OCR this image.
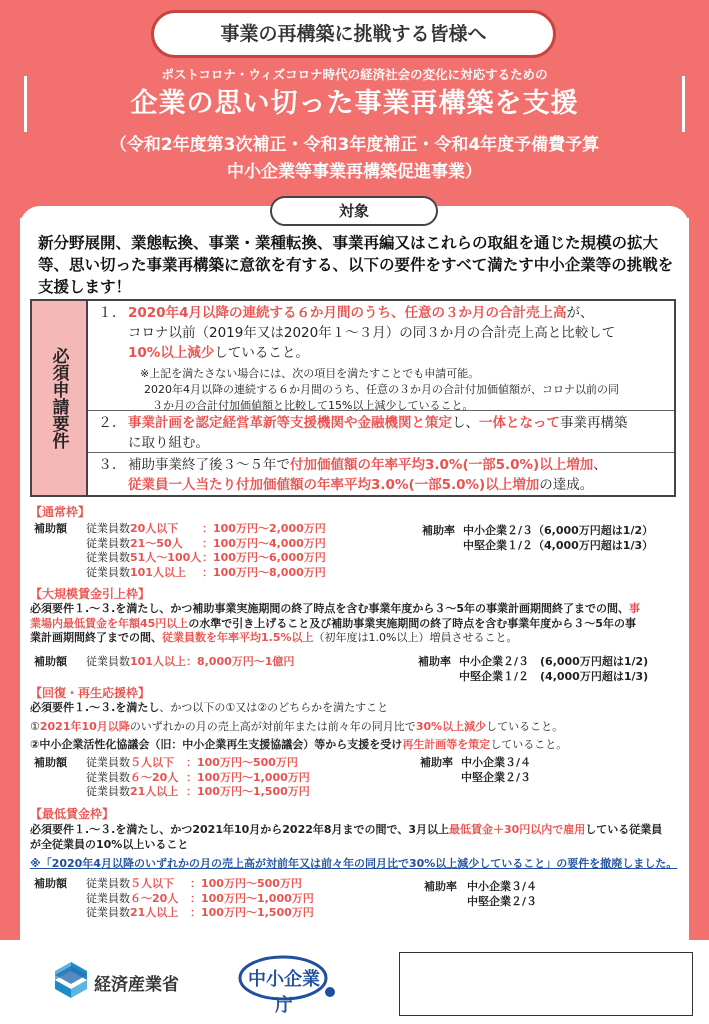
事業の再構築に挑戦する皆様へ
ポストコロナ・ウィズコロナ時代の経済社会の変化に対応するための
企業の思い切った事業再構築を支援
（令和2年度第3次補正・令和3年度補正・令和4年度予備費予算
中小企業等事業再構築促進事業）
対象
新分野展開、業態転換、事業・業種転換、事業再編又はこれらの取組を通じた規模の拡大等、思い切った事業再構築に意欲を有する、以下の要件をすべて満たす中小企業等の挑戦を支援します！
必須申請要件
１． 2020年4月以降の連続する６か月間のうち、任意の３か月の合計売上高が、
コロナ以前（2019年又は2020年１～３月）の同３か月の合計売上高と比較して
10%以上減少していること。
※上記を満たさない場合には、次の項目を満たすことでも申請可能。
2020年4月以降の連続する６か月間のうち、任意の３か月の合計付加価値額が、コロナ以前の同
３か月の合計付加価値額と比較して15%以上減少していること。
２． 事業計画を認定経営革新等支援機関や金融機関と策定し、一体となって事業再構築
に取り組む。
３． 補助事業終了後３～５年で付加価値額の年率平均3.0%(一部5.0%)以上増加、
従業員一人当たり付加価値額の年率平均3.0%(一部5.0%)以上増加の達成。
【通常枠】
補助額 従業員数20人以下 ：100万円～2,000万円
従業員数21～50人 ：100万円～4,000万円
従業員数51人～100人：100万円～6,000万円
従業員数101人以上 ：100万円～8,000万円
補助率 中小企業２/３（6,000万円超は1/2）
中堅企業１/２（4,000万円超は1/3）
【大規模賃金引上枠】
必須要件１.～３.を満たし、かつ補助事業実施期間の終了時点を含む事業年度から３～5年の事業計画期間終了までの間、事
業場内最低賃金を年額45円以上の水準で引き上げること及び補助事業実施期間の終了時点を含む事業年度から３～5年の事
業計画期間終了までの間、従業員数を年率平均1.5%以上（初年度は1.0%以上）増員させること。
補助額 従業員数101人以上：8,000万円～1億円	補助率 中小企業２/３　(6,000万円超は1/2)
中堅企業１/２　(4,000万円超は1/3)
【回復・再生応援枠】
必須要件１.～３.を満たし、かつ以下の①又は②のどちらかを満たすこと
①2021年10月以降のいずれかの月の売上高が対前年または前々年の同月比で30%以上減少していること。
②中小企業活性化協議会（旧：中小企業再生支援協議会）等から支援を受け再生計画等を策定していること。
補助額 従業員数５人以下 ：100万円～500万円
従業員数６～20人 ：100万円～1,000万円
従業員数21人以上 ：100万円～1,500万円
補助率 中小企業３/４
中堅企業２/３
【最低賃金枠】
必須要件１.～３.を満たし、かつ2021年10月から2022年8月までの間で、3月以上最低賃金＋30円以内で雇用している従業員
が全従業員の10%以上いること
※「2020年4月以降のいずれかの月の売上高が対前年又は前々年の同月比で30%以上減少していること」の要件を撤廃しました。
補助額 従業員数５人以下 ：100万円～500万円
従業員数６～20人 ：100万円～1,000万円
従業員数21人以上 ：100万円～1,500万円
補助率 中小企業３/４
中堅企業２/３
経済産業省	中小企業庁
